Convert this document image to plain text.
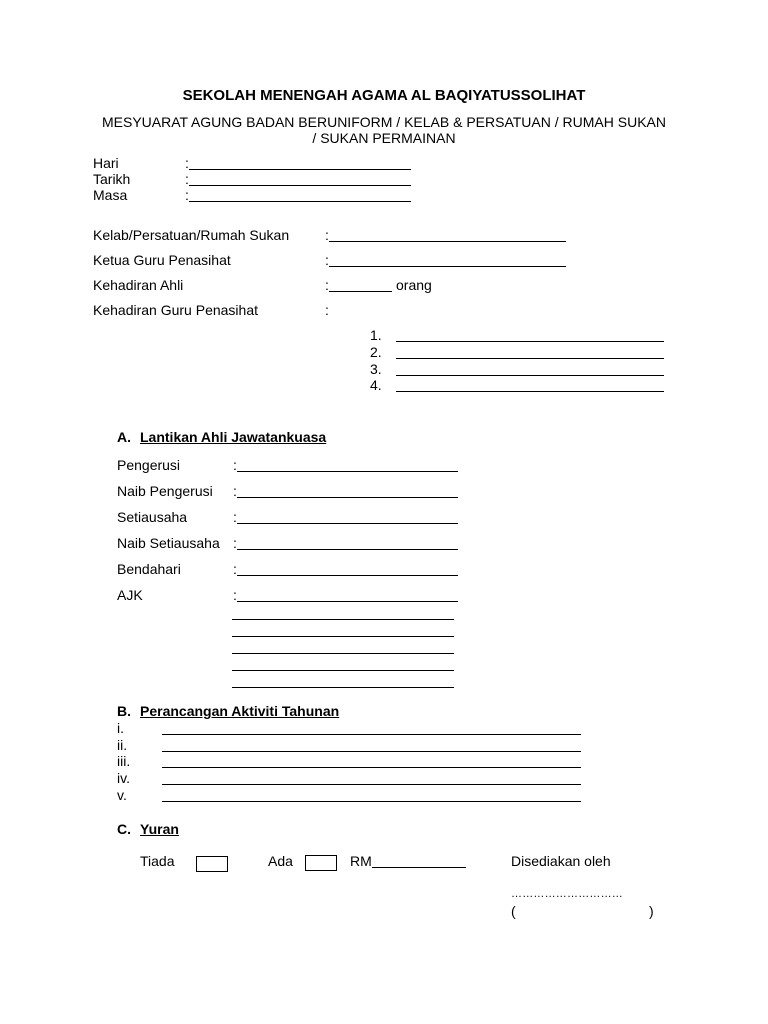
SEKOLAH MENENGAH AGAMA AL BAQIYATUSSOLIHAT
MESYUARAT AGUNG BADAN BERUNIFORM / KELAB & PERSATUAN / RUMAH SUKAN
/ SUKAN PERMAINAN
Hari	:
Tarikh	:
Masa	:
Kelab/Persatuan/Rumah Sukan	:
Ketua Guru Penasihat	:
Kehadiran Ahli	:	orang
Kehadiran Guru Penasihat	:
1.
2.
3.
4.
A. Lantikan Ahli Jawatankuasa
Pengerusi	:
Naib Pengerusi :
Setiausaha	:
Naib Setiausaha :
Bendahari	:
AJK	:
B. Perancangan Aktiviti Tahunan
i.
ii.
iii.
iv.
v.
C. Yuran
Tiada	Ada	RM	Disediakan oleh
…………………………
(	)
